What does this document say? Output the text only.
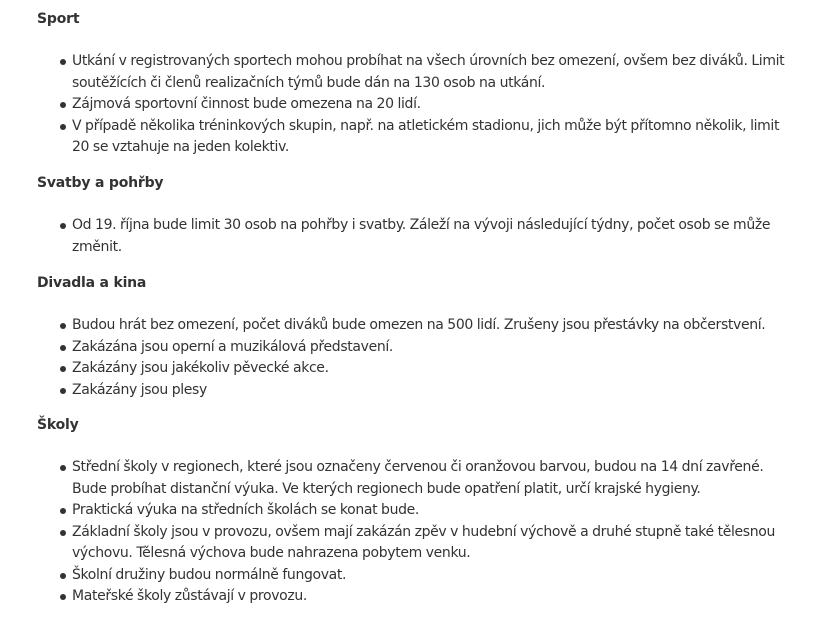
Sport
Utkání v registrovaných sportech mohou probíhat na všech úrovních bez omezení, ovšem bez diváků. Limit soutěžících či členů realizačních týmů bude dán na 130 osob na utkání.
Zájmová sportovní činnost bude omezena na 20 lidí.
V případě několika tréninkových skupin, např. na atletickém stadionu, jich může být přítomno několik, limit 20 se vztahuje na jeden kolektiv.
Svatby a pohřby
Od 19. října bude limit 30 osob na pohřby i svatby. Záleží na vývoji následující týdny, počet osob se může změnit.
Divadla a kina
Budou hrát bez omezení, počet diváků bude omezen na 500 lidí. Zrušeny jsou přestávky na občerstvení.
Zakázána jsou operní a muzikálová představení.
Zakázány jsou jakékoliv pěvecké akce.
Zakázány jsou plesy
Školy
Střední školy v regionech, které jsou označeny červenou či oranžovou barvou, budou na 14 dní zavřené. Bude probíhat distanční výuka. Ve kterých regionech bude opatření platit, určí krajské hygieny.
Praktická výuka na středních školách se konat bude.
Základní školy jsou v provozu, ovšem mají zakázán zpěv v hudební výchově a druhé stupně také tělesnou výchovu. Tělesná výchova bude nahrazena pobytem venku.
Školní družiny budou normálně fungovat.
Mateřské školy zůstávají v provozu.
